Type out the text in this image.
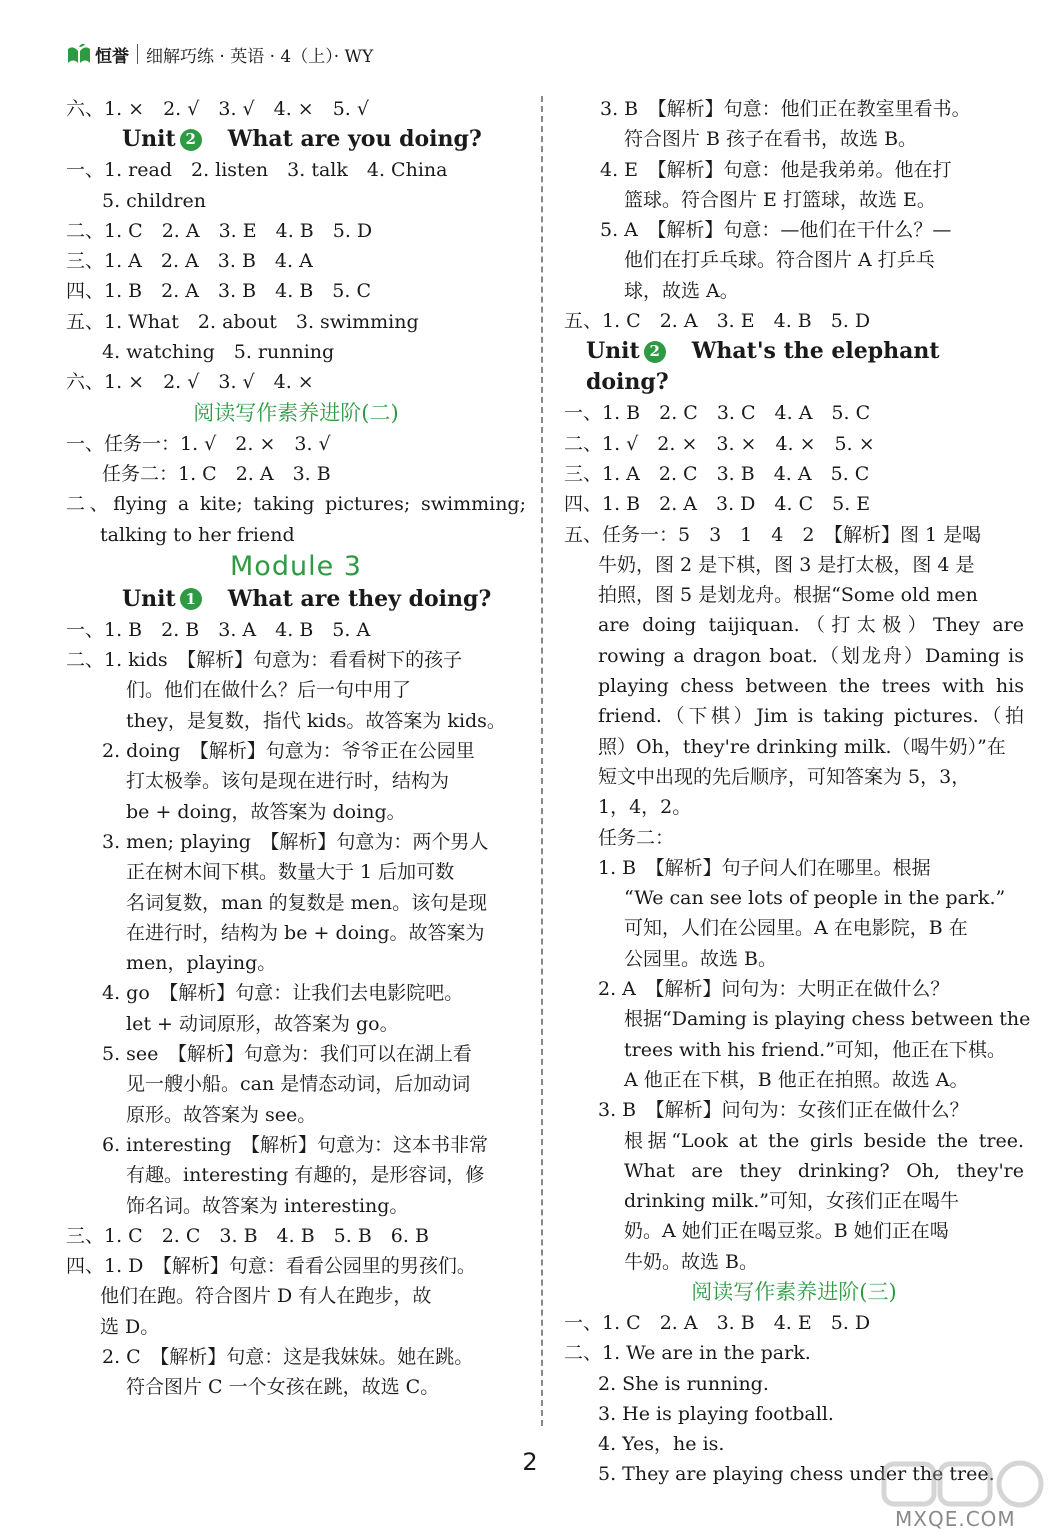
恒誉 细解巧练 · 英语 · 4（上）· WY
六、1. ×　2. √　3. √　4. ×　5. √
Unit 2  What are you doing?
一、1. read　2. listen　3. talk　4. China
5. children
二、1. C　2. A　3. E　4. B　5. D
三、1. A　2. A　3. B　4. A
四、1. B　2. A　3. B　4. B　5. C
五、1. What　2. about　3. swimming
4. watching　5. running
六、1. ×　2. √　3. √　4. ×
阅读写作素养进阶(二)
一、任务一：1. √　2. ×　3. √
任务二：1. C　2. A　3. B
二、flying a kite; taking pictures; swimming;
talking to her friend
Module 3
Unit 1  What are they doing?
一、1. B　2. B　3. A　4. B　5. A
二、1. kids　【解析】句意为：看看树下的孩子
们。他们在做什么？后一句中用了
they，是复数，指代 kids。故答案为 kids。
2. doing　【解析】句意为：爷爷正在公园里
打太极拳。该句是现在进行时，结构为
be + doing，故答案为 doing。
3. men; playing　【解析】句意为：两个男人
正在树木间下棋。数量大于 1 后加可数
名词复数，man 的复数是 men。该句是现
在进行时，结构为 be + doing。故答案为
men，playing。
4. go　【解析】句意：让我们去电影院吧。
let + 动词原形，故答案为 go。
5. see　【解析】句意为：我们可以在湖上看
见一艘小船。can 是情态动词，后加动词
原形。故答案为 see。
6. interesting　【解析】句意为：这本书非常
有趣。interesting 有趣的，是形容词，修
饰名词。故答案为 interesting。
三、1. C　2. C　3. B　4. B　5. B　6. B
四、1. D　【解析】句意：看看公园里的男孩们。
他们在跑。符合图片 D 有人在跑步，故
选 D。
2. C　【解析】句意：这是我妹妹。她在跳。
符合图片 C 一个女孩在跳，故选 C。
3. B　【解析】句意：他们正在教室里看书。
符合图片 B 孩子在看书，故选 B。
4. E　【解析】句意：他是我弟弟。他在打
篮球。符合图片 E 打篮球，故选 E。
5. A　【解析】句意：—他们在干什么？—
他们在打乒乓球。符合图片 A 打乒乓
球，故选 A。
五、1. C　2. A　3. E　4. B　5. D
Unit 2  What's the elephant doing?
一、1. B　2. C　3. C　4. A　5. C
二、1. √　2. ×　3. ×　4. ×　5. ×
三、1. A　2. C　3. B　4. A　5. C
四、1. B　2. A　3. D　4. C　5. E
五、任务一：5　3　1　4　2　【解析】图 1 是喝
牛奶，图 2 是下棋，图 3 是打太极，图 4 是
拍照，图 5 是划龙舟。根据“Some old men
are doing taijiquan.（打太极）They are
rowing a dragon boat.（划龙舟）Daming is
playing chess between the trees with his
friend.（下棋）Jim is taking pictures.（拍
照）Oh，they're drinking milk.（喝牛奶）”在
短文中出现的先后顺序，可知答案为 5，3，
1，4，2。
任务二：
1. B　【解析】句子问人们在哪里。根据
“We can see lots of people in the park.”
可知，人们在公园里。A 在电影院，B 在
公园里。故选 B。
2. A　【解析】问句为：大明正在做什么？
根据“Daming is playing chess between the
trees with his friend.”可知，他正在下棋。
A 他正在下棋，B 他正在拍照。故选 A。
3. B　【解析】问句为：女孩们正在做什么？
根据“Look at the girls beside the tree.
What are they drinking? Oh, they're
drinking milk.”可知，女孩们正在喝牛
奶。A 她们正在喝豆浆。B 她们正在喝
牛奶。故选 B。
阅读写作素养进阶(三)
一、1. C　2. A　3. B　4. E　5. D
二、1. We are in the park.
2. She is running.
3. He is playing football.
4. Yes，he is.
5. They are playing chess under the tree.
2
MXQE.COM
